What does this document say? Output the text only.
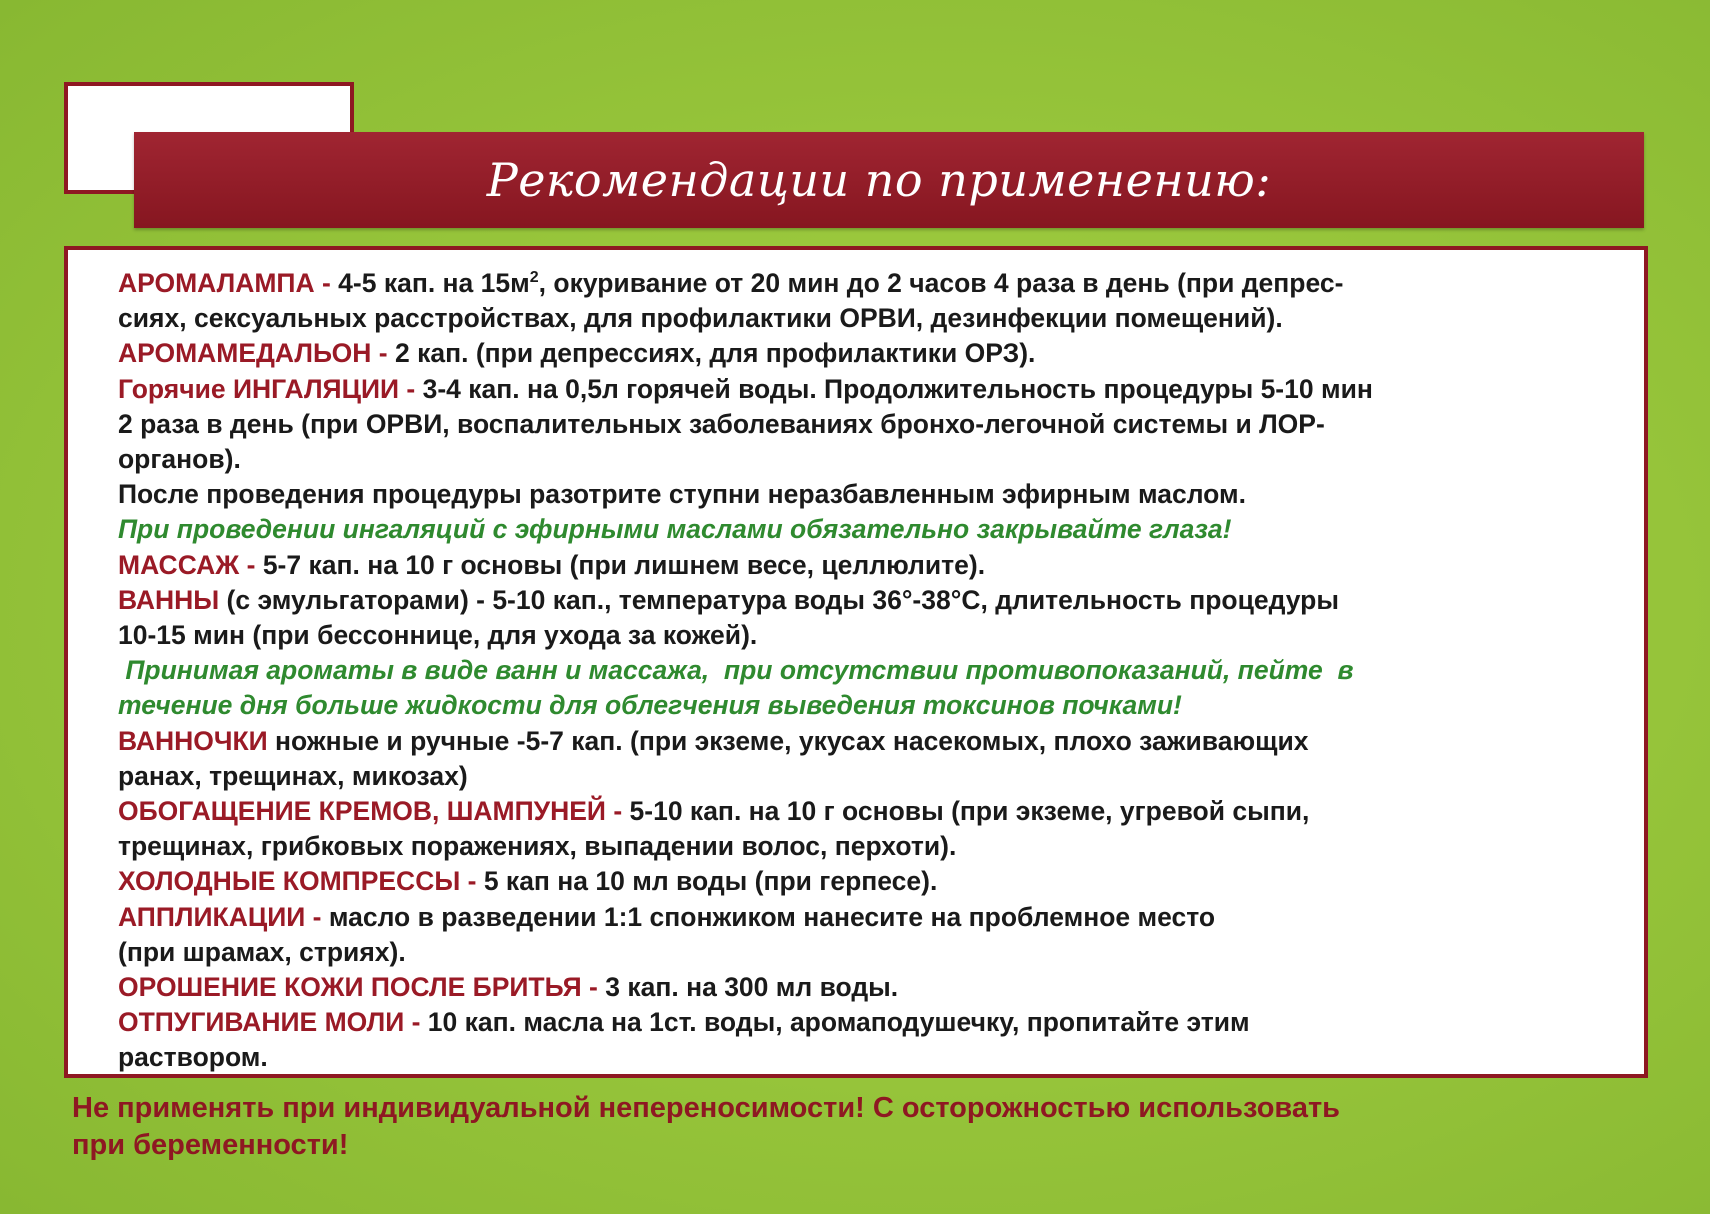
Рекомендации по применению:
АРОМАЛАМПА - 4-5 кап. на $15м^2$, окуривание от 20 мин до 2 часов 4 раза в день (при депрес-
сиях, сексуальных расстройствах, для профилактики ОРВИ, дезинфекции помещений).
АРОМАМЕДАЛЬОН - 2 кап. (при депрессиях, для профилактики ОРЗ).
Горячие ИНГАЛЯЦИИ - 3-4 кап. на 0,5л горячей воды. Продолжительность процедуры 5-10 мин
2 раза в день (при ОРВИ, воспалительных заболеваниях бронхо-легочной системы и ЛОР-
органов).
После проведения процедуры разотрите ступни неразбавленным эфирным маслом.
При проведении ингаляций с эфирными маслами обязательно закрывайте глаза!
МАССАЖ - 5-7 кап. на 10 г основы (при лишнем весе, целлюлите).
ВАННЫ (с эмульгаторами) - 5-10 кап., температура воды 36°-38°С, длительность процедуры
10-15 мин (при бессоннице, для ухода за кожей).
Принимая ароматы в виде ванн и массажа,  при отсутствии противопоказаний, пейте  в
течение дня больше жидкости для облегчения выведения токсинов почками!
ВАННОЧКИ ножные и ручные -5-7 кап. (при экземе, укусах насекомых, плохо заживающих
ранах, трещинах, микозах)
ОБОГАЩЕНИЕ КРЕМОВ, ШАМПУНЕЙ - 5-10 кап. на 10 г основы (при экземе, угревой сыпи,
трещинах, грибковых поражениях, выпадении волос, перхоти).
ХОЛОДНЫЕ КОМПРЕССЫ - 5 кап на 10 мл воды (при герпесе).
АППЛИКАЦИИ - масло в разведении 1:1 спонжиком нанесите на проблемное место
(при шрамах, стриях).
ОРОШЕНИЕ КОЖИ ПОСЛЕ БРИТЬЯ - 3 кап. на 300 мл воды.
ОТПУГИВАНИЕ МОЛИ - 10 кап. масла на 1ст. воды, аромаподушечку, пропитайте этим
раствором.
Не применять при индивидуальной непереносимости! С осторожностью использовать
при беременности!
